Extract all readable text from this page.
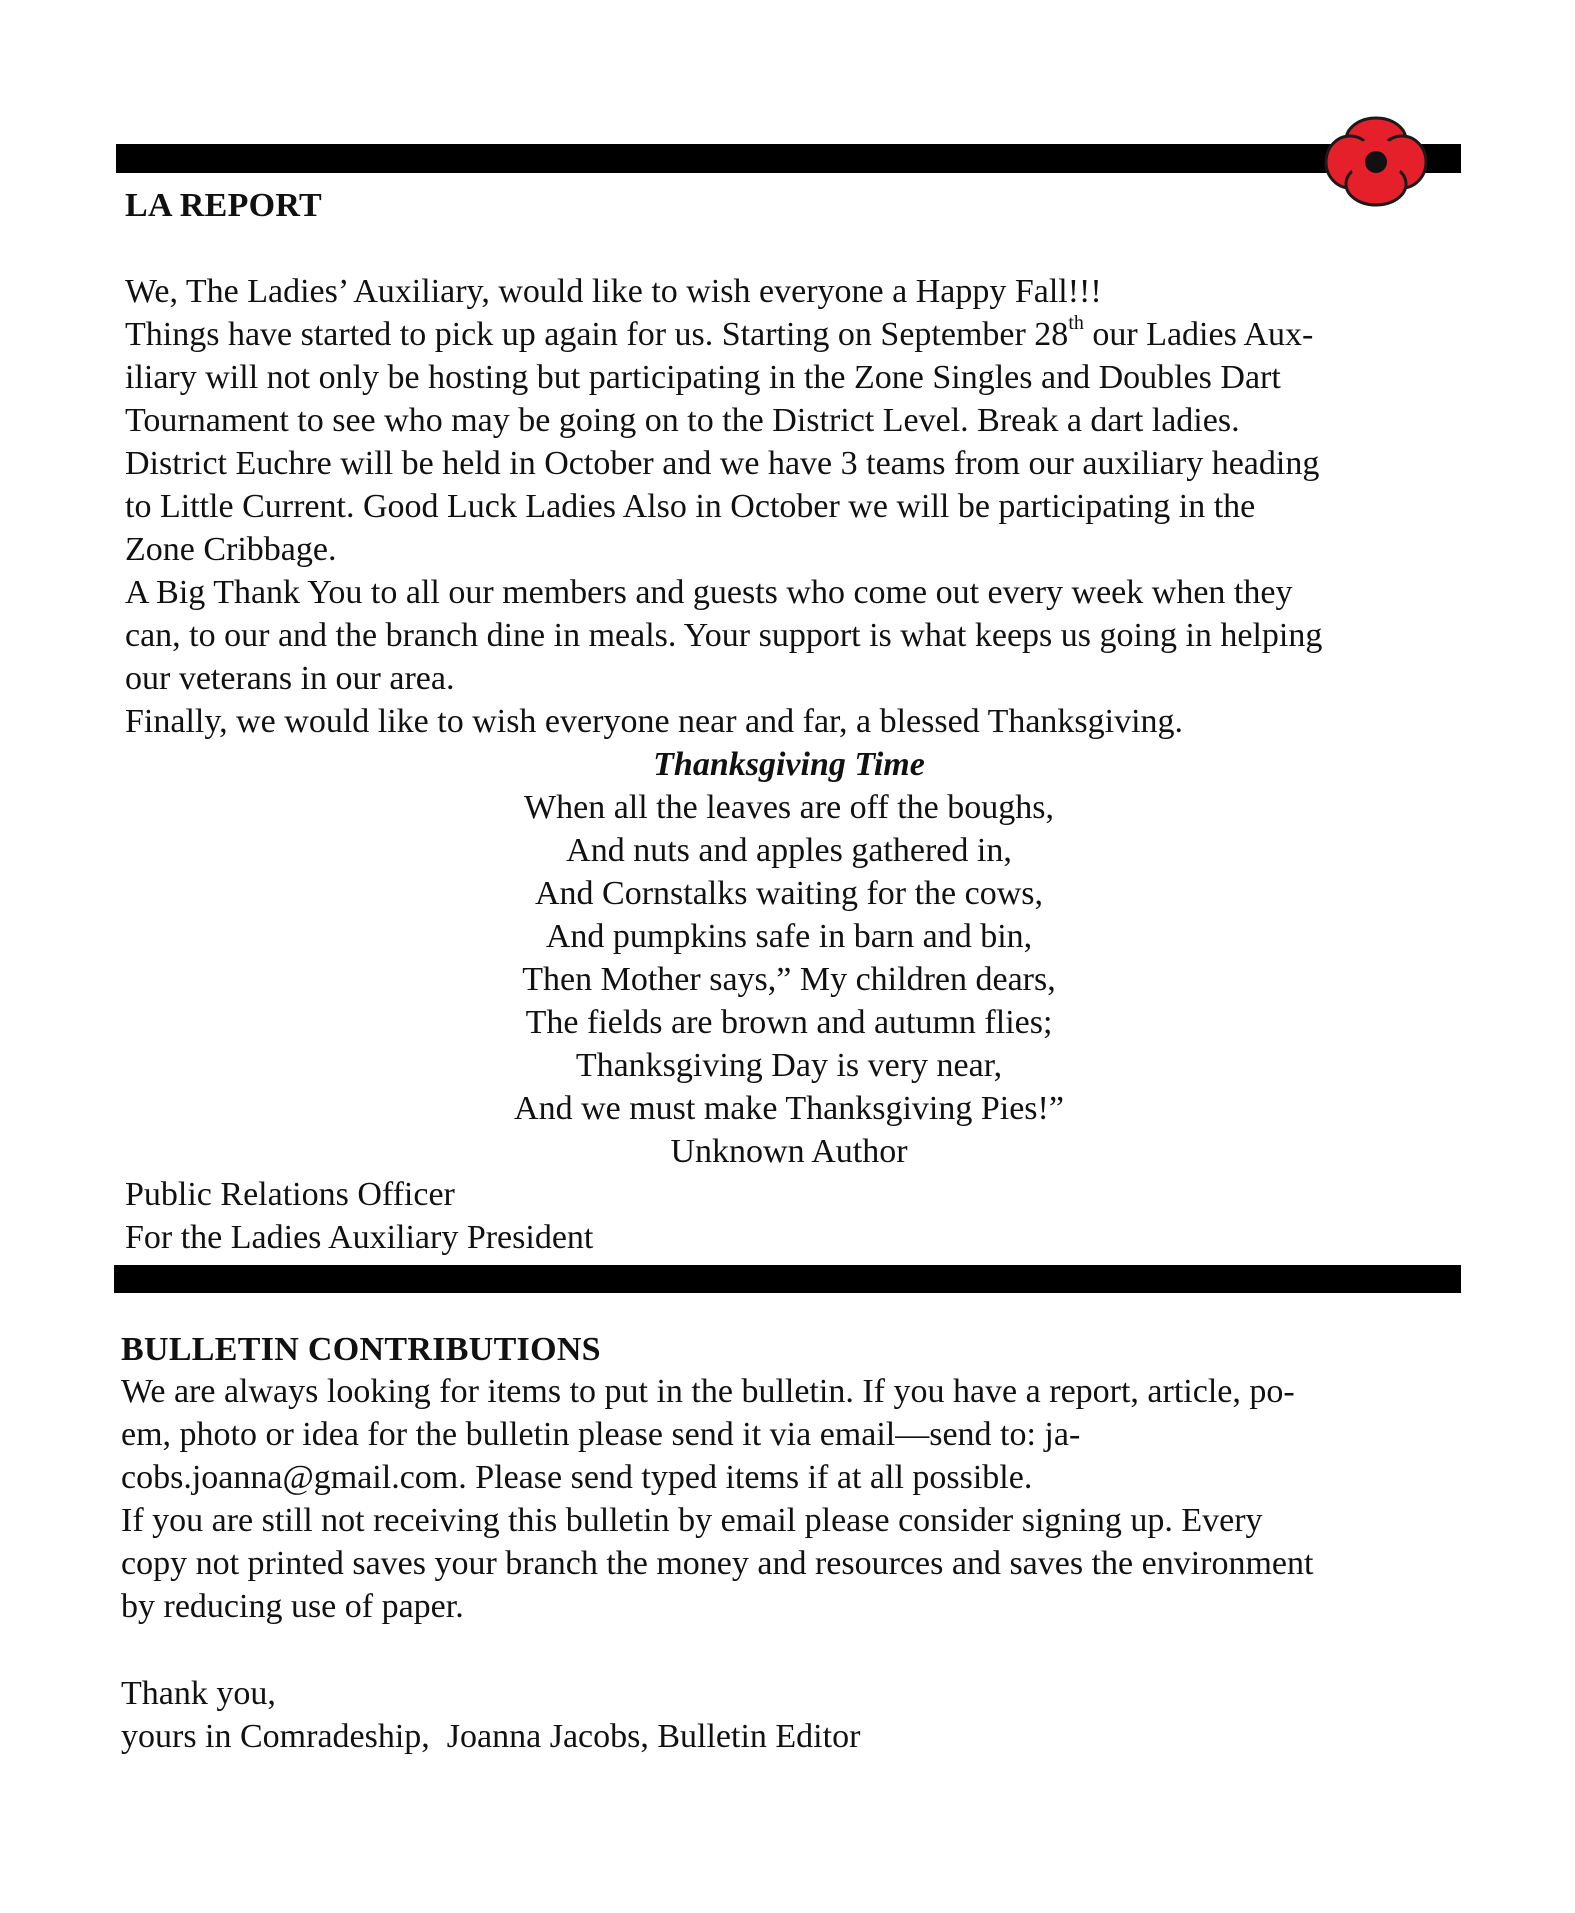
LA REPORT
We, The Ladies’ Auxiliary, would like to wish everyone a Happy Fall!!!
Things have started to pick up again for us. Starting on September 28th our Ladies Aux-
iliary will not only be hosting but participating in the Zone Singles and Doubles Dart
Tournament to see who may be going on to the District Level. Break a dart ladies.
District Euchre will be held in October and we have 3 teams from our auxiliary heading
to Little Current. Good Luck Ladies Also in October we will be participating in the
Zone Cribbage.
A Big Thank You to all our members and guests who come out every week when they
can, to our and the branch dine in meals. Your support is what keeps us going in helping
our veterans in our area.
Finally, we would like to wish everyone near and far, a blessed Thanksgiving.
Thanksgiving Time
When all the leaves are off the boughs,
And nuts and apples gathered in,
And Cornstalks waiting for the cows,
And pumpkins safe in barn and bin,
Then Mother says,” My children dears,
The fields are brown and autumn flies;
Thanksgiving Day is very near,
And we must make Thanksgiving Pies!”
Unknown Author
Public Relations Officer
For the Ladies Auxiliary President
BULLETIN CONTRIBUTIONS
We are always looking for items to put in the bulletin. If you have a report, article, po-
em, photo or idea for the bulletin please send it via email—send to: ja-
cobs.joanna@gmail.com. Please send typed items if at all possible.
If you are still not receiving this bulletin by email please consider signing up. Every
copy not printed saves your branch the money and resources and saves the environment
by reducing use of paper.
Thank you,
yours in Comradeship,  Joanna Jacobs, Bulletin Editor
